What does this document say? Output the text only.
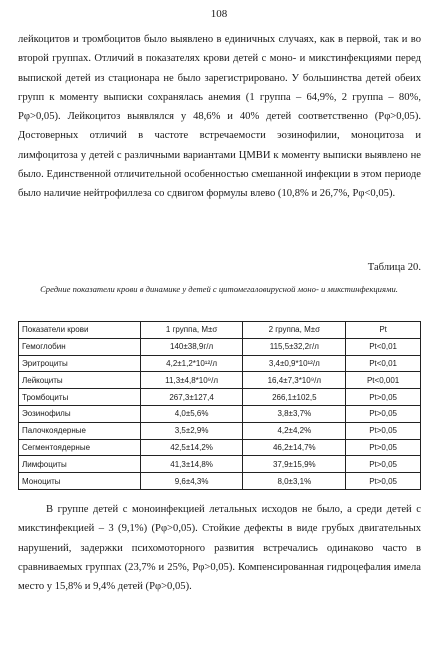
108

лейкоцитов и тромбоцитов было выявлено в единичных случаях, как в первой, так и во второй группах. Отличий в показателях крови детей с моно- и микстинфекциями перед выпиской детей из стационара не было зарегистрировано. У большинства детей обеих групп к моменту выписки сохранялась анемия (1 группа – 64,9%, 2 группа – 80%, Рφ>0,05). Лейкоцитоз выявлялся у 48,6% и 40% детей соответственно (Рφ>0,05). Достоверных отличий в частоте встречаемости эозинофилии, моноцитоза и лимфоцитоза у детей с различными вариантами ЦМВИ к моменту выписки выявлено не было. Единственной отличительной особенностью смешанной инфекции в этом периоде было наличие нейтрофиллеза со сдвигом формулы влево (10,8% и 26,7%, Рφ<0,05).

Таблица 20.

Средние показатели крови в динамике у детей с цитомегаловирусной моно- и микстинфекциями.

Показатели крови	1 группа, M±σ	2 группа, M±σ	Pt
Гемоглобин	140±38,9г/л	115,5±32,2г/л	Pt<0,01
Эритроциты	4,2±1,2*10¹²/л	3,4±0,9*10¹²/л	Pt<0,01
Лейкоциты	11,3±4,8*10⁹/л	16,4±7,3*10⁹/л	Pt<0,001
Тромбоциты	267,3±127,4	266,1±102,5	Pt>0,05
Эозинофилы	4,0±5,6%	3,8±3,7%	Pt>0,05
Палочкоядерные	3,5±2,9%	4,2±4,2%	Pt>0,05
Сегментоядерные	42,5±14,2%	46,2±14,7%	Pt>0,05
Лимфоциты	41,3±14,8%	37,9±15,9%	Pt>0,05
Моноциты	9,6±4,3%	8,0±3,1%	Pt>0,05

В группе детей с моноинфекцией летальных исходов не было, а среди детей с микстинфекцией – 3 (9,1%) (Рφ>0,05). Стойкие дефекты в виде грубых двигательных нарушений, задержки психомоторного развития встречались одинаково часто в сравниваемых группах (23,7% и 25%, Рφ>0,05). Компенсированная гидроцефалия имела место у 15,8% и 9,4% детей (Рφ>0,05).
